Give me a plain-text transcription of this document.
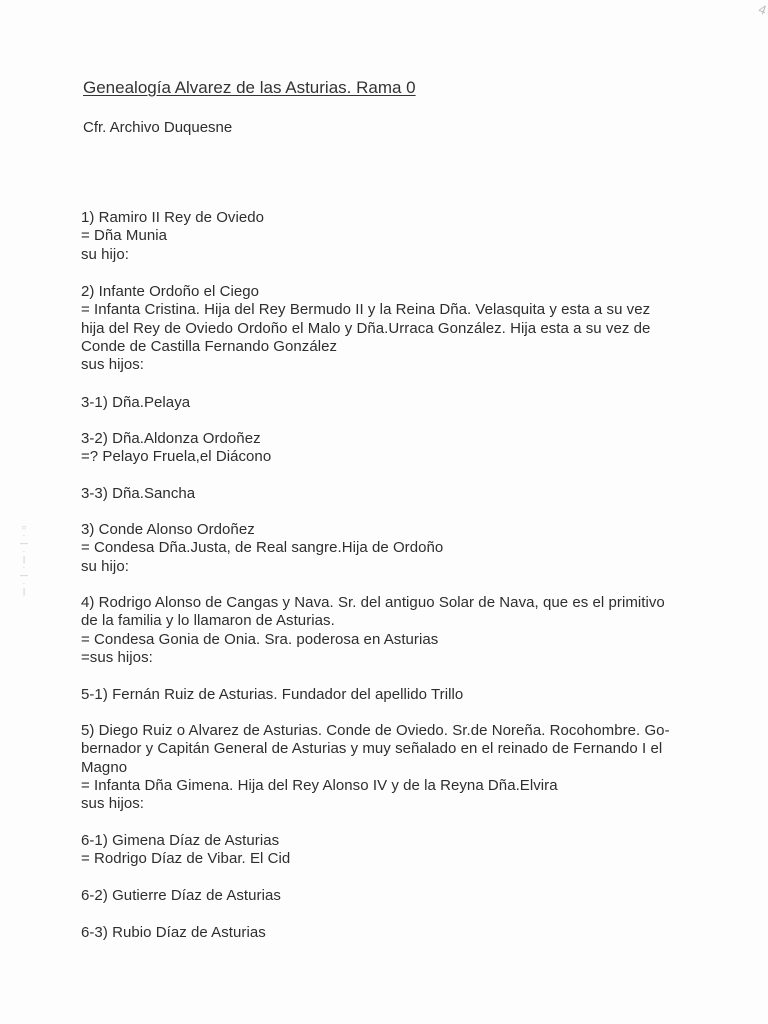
4
○
·
—
·
|
·
—
·
|
Genealogía Alvarez de las Asturias. Rama 0
Cfr. Archivo Duquesne
1) Ramiro II Rey de Oviedo
= Dña Munia
su hijo:
2) Infante Ordoño el Ciego
= Infanta Cristina. Hija del Rey Bermudo II y la Reina Dña. Velasquita y esta a su vez
hija del Rey de Oviedo Ordoño el Malo y Dña.Urraca González. Hija esta a su vez de
Conde de Castilla Fernando González
sus hijos:
3-1) Dña.Pelaya
3-2) Dña.Aldonza Ordoñez
=? Pelayo Fruela,el Diácono
3-3) Dña.Sancha
3) Conde Alonso Ordoñez
= Condesa Dña.Justa, de Real sangre.Hija de Ordoño
su hijo:
4) Rodrigo Alonso de Cangas y Nava. Sr. del antiguo Solar de Nava, que es el primitivo
de la familia y lo llamaron de Asturias.
= Condesa Gonia de Onia. Sra. poderosa en Asturias
=sus hijos:
5-1) Fernán Ruiz de Asturias. Fundador del apellido Trillo
5) Diego Ruiz o Alvarez de Asturias. Conde de Oviedo. Sr.de Noreña. Rocohombre. Go-
bernador y Capitán General de Asturias y muy señalado en el reinado de Fernando I el
Magno
= Infanta Dña Gimena. Hija del Rey Alonso IV y de la Reyna Dña.Elvira
sus hijos:
6-1) Gimena Díaz de Asturias
= Rodrigo Díaz de Vibar. El Cid
6-2) Gutierre Díaz de Asturias
6-3) Rubio Díaz de Asturias
